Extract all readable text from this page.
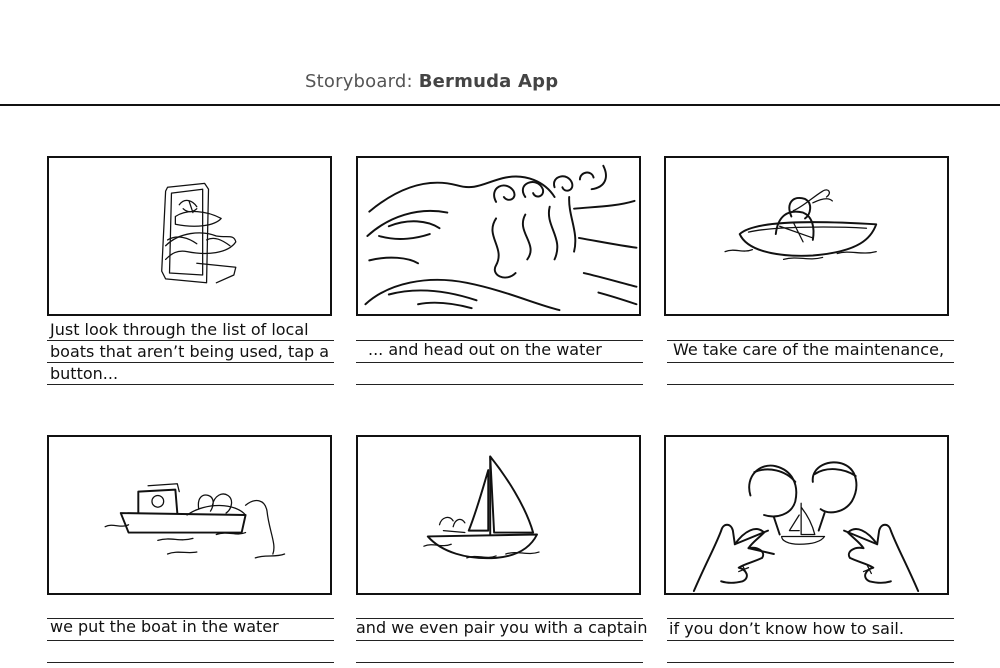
Storyboard: Bermuda App
Just look through the list of local
boats that aren’t being used, tap a
button...
... and head out on the water	We take care of the maintenance,
we put the boat in the water	and we even pair you with a captain if you don’t know how to sail.
